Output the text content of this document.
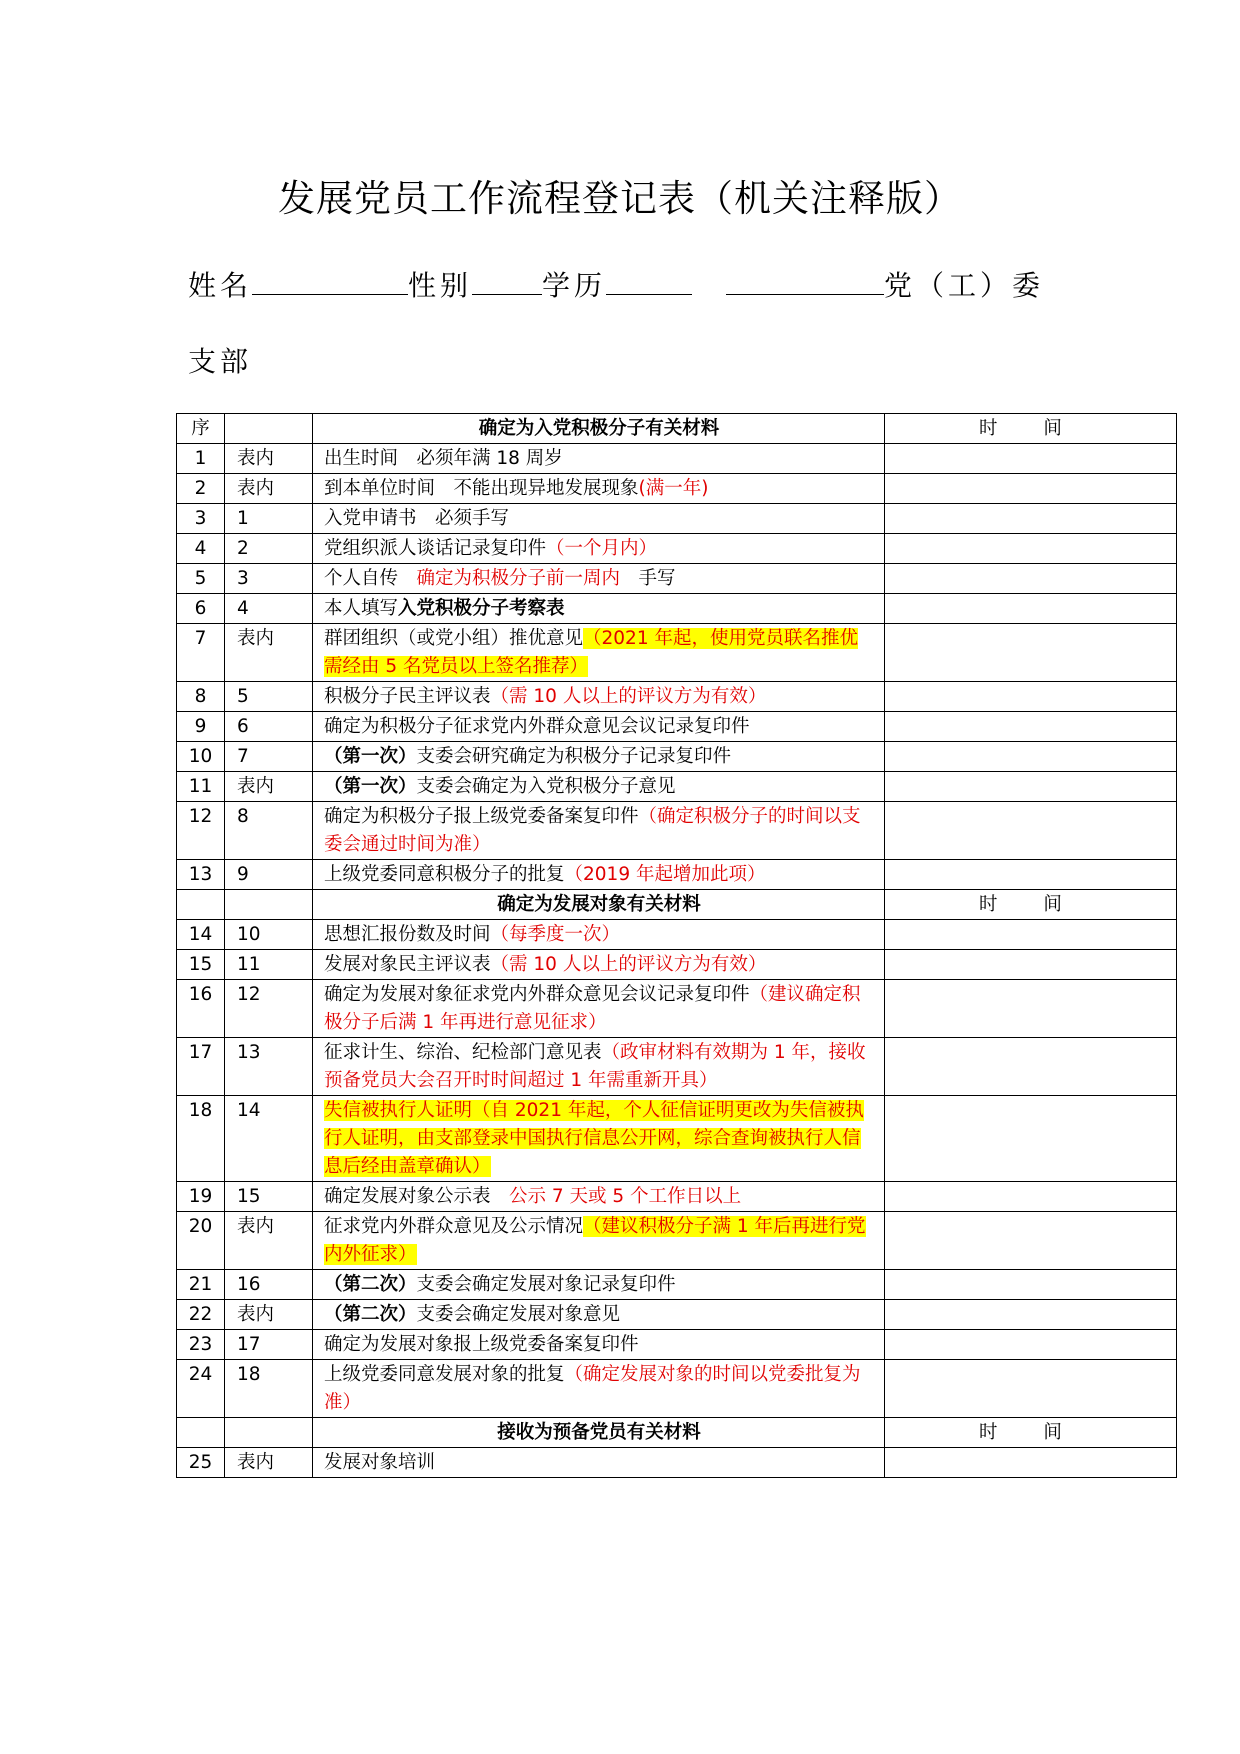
发展党员工作流程登记表（机关注释版）
姓名	性别	学历	党（工）委
支部
序		确定为入党积极分子有关材料	时 间
1	表内	出生时间　必须年满 18 周岁	
2	表内	到本单位时间　不能出现异地发展现象(满一年)	
3	1	入党申请书　必须手写	
4	2	党组织派人谈话记录复印件（一个月内）	
5	3	个人自传　确定为积极分子前一周内　手写	
6	4	本人填写入党积极分子考察表	
7	表内	群团组织（或党小组）推优意见（2021 年起，使用党员联名推优需经由 5 名党员以上签名推荐）	
8	5	积极分子民主评议表（需 10 人以上的评议方为有效）	
9	6	确定为积极分子征求党内外群众意见会议记录复印件	
10	7	（第一次）支委会研究确定为积极分子记录复印件	
11	表内	（第一次）支委会确定为入党积极分子意见	
12	8	确定为积极分子报上级党委备案复印件（确定积极分子的时间以支委会通过时间为准）	
13	9	上级党委同意积极分子的批复（2019 年起增加此项）	
		确定为发展对象有关材料	时 间
14	10	思想汇报份数及时间（每季度一次）	
15	11	发展对象民主评议表（需 10 人以上的评议方为有效）	
16	12	确定为发展对象征求党内外群众意见会议记录复印件（建议确定积极分子后满 1 年再进行意见征求）	
17	13	征求计生、综治、纪检部门意见表（政审材料有效期为 1 年，接收预备党员大会召开时时间超过 1 年需重新开具）	
18	14	失信被执行人证明（自 2021 年起，个人征信证明更改为失信被执行人证明，由支部登录中国执行信息公开网，综合查询被执行人信息后经由盖章确认）	
19	15	确定发展对象公示表　公示 7 天或 5 个工作日以上	
20	表内	征求党内外群众意见及公示情况（建议积极分子满 1 年后再进行党内外征求）	
21	16	（第二次）支委会确定发展对象记录复印件	
22	表内	（第二次）支委会确定发展对象意见	
23	17	确定为发展对象报上级党委备案复印件	
24	18	上级党委同意发展对象的批复（确定发展对象的时间以党委批复为准）	
		接收为预备党员有关材料	时 间
25	表内	发展对象培训	
